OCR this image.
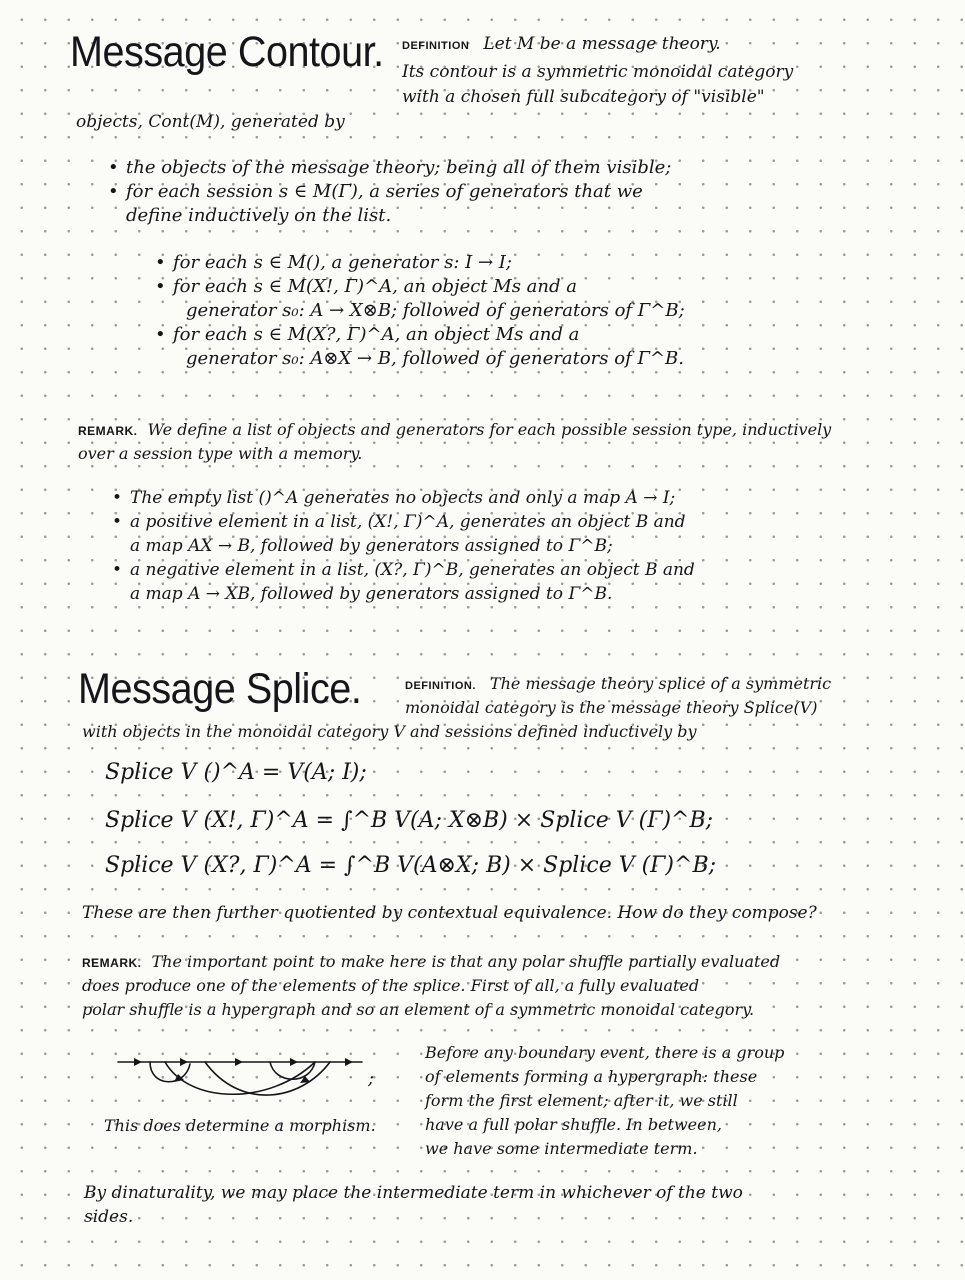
Message Contour. DEFINITION Let M be a message theory.
Its contour is a symmetric monoidal category
with a chosen full subcategory of "visible"
objects, Cont(M), generated by
• the objects of the message theory; being all of them visible;
• for each session s ∈ M(Γ), a series of generators that we
define inductively on the list.
• for each s ∈ M(), a generator s: I → I;
• for each s ∈ M(X!, Γ)^A, an object Ms and a
generator s₀: A → X⊗B; followed of generators of Γ^B;
• for each s ∈ M(X?, Γ)^A, an object Ms and a
generator s₀: A⊗X → B, followed of generators of Γ^B.
REMARK. We define a list of objects and generators for each possible session type, inductively
over a session type with a memory.
• The empty list ()^A generates no objects and only a map A → I;
• a positive element in a list, (X!, Γ)^A, generates an object B and
a map AX → B, followed by generators assigned to Γ^B;
• a negative element in a list, (X?, Γ)^B, generates an object B and
a map A → XB, followed by generators assigned to Γ^B.
Message Splice.	DEFINITION. The message theory splice of a symmetric
monoidal category is the message theory Splice(V)
with objects in the monoidal category V and sessions defined inductively by
Splice V ()^A = V(A; I);
Splice V (X!, Γ)^A = ∫^B V(A; X⊗B) × Splice V (Γ)^B;
Splice V (X?, Γ)^A = ∫^B V(A⊗X; B) × Splice V (Γ)^B;
These are then further quotiented by contextual equivalence. How do they compose?
REMARK. The important point to make here is that any polar shuffle partially evaluated
does produce one of the elements of the splice. First of all, a fully evaluated
polar shuffle is a hypergraph and so an element of a symmetric monoidal category.
;
This does determine a morphism.
Before any boundary event, there is a group
of elements forming a hypergraph: these
form the first element; after it, we still
have a full polar shuffle. In between,
we have some intermediate term.
By dinaturality, we may place the intermediate term in whichever of the two
sides.
